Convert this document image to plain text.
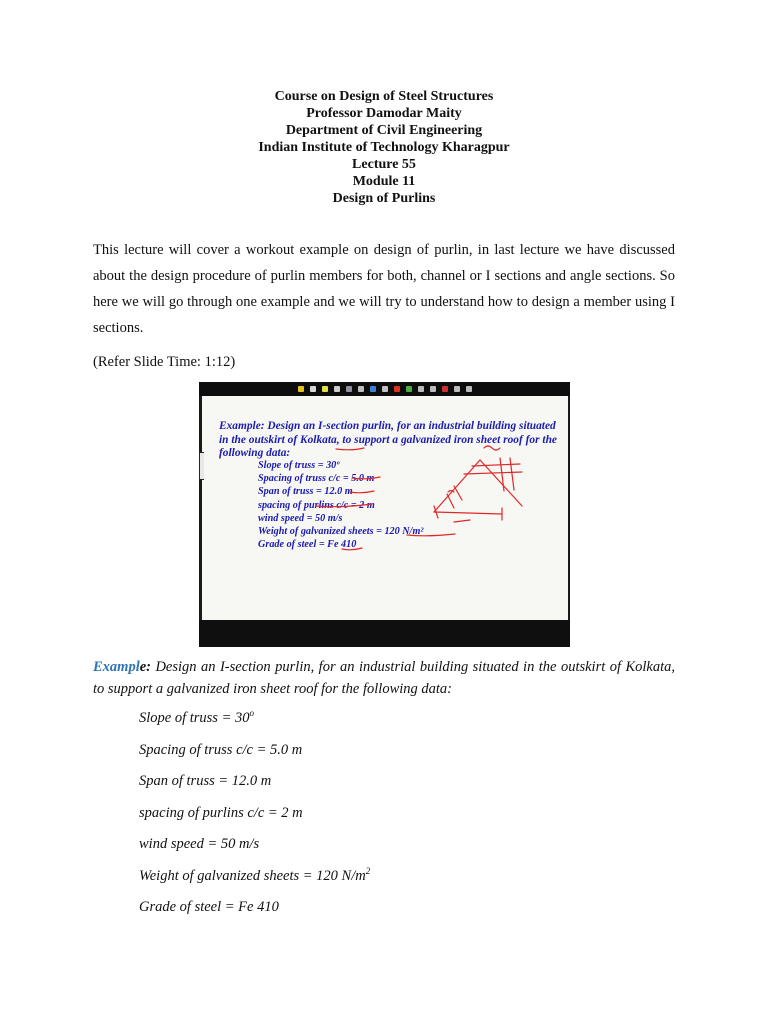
Course on Design of Steel Structures
Professor Damodar Maity
Department of Civil Engineering
Indian Institute of Technology Kharagpur
Lecture 55
Module 11
Design of Purlins

This lecture will cover a workout example on design of purlin, in last lecture we have discussed about the design procedure of purlin members for both, channel or I sections and angle sections. So here we will go through one example and we will try to understand how to design a member using I sections.

(Refer Slide Time: 1:12)
Example: Design an I-section purlin, for an industrial building situated in the outskirt of Kolkata, to support a galvanized iron sheet roof for the following data:
Slope of truss = 30º
Spacing of truss c/c = 5.0 m
Span of truss = 12.0 m
spacing of purlins c/c = 2 m
wind speed = 50 m/s
Weight of galvanized sheets = 120 N/m²
Grade of steel = Fe 410

Example: Design an I-section purlin, for an industrial building situated in the outskirt of Kolkata, to support a galvanized iron sheet roof for the following data:

Slope of truss = $30^o$
Spacing of truss c/c = 5.0 m
Span of truss = 12.0 m
spacing of purlins c/c = 2 m
wind speed = 50 m/s
Weight of galvanized sheets = 120 $N/m^2$
Grade of steel = Fe 410
